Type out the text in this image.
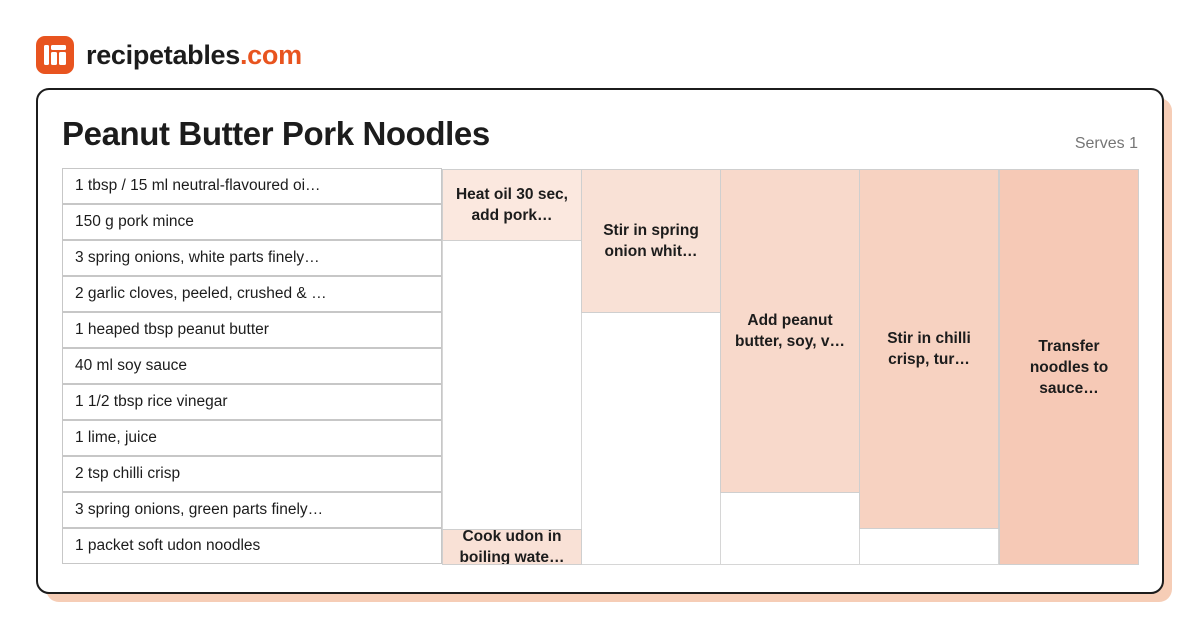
recipetables.com
Peanut Butter Pork Noodles	Serves 1
1 tbsp / 15 ml neutral-flavoured oi…
150 g pork mince
3 spring onions, white parts finely…
2 garlic cloves, peeled, crushed & …
1 heaped tbsp peanut butter
40 ml soy sauce
1 1/2 tbsp rice vinegar
1 lime, juice
2 tsp chilli crisp
3 spring onions, green parts finely…
1 packet soft udon noodles
Heat oil 30 sec, add pork…
Cook udon in boiling wate…
Stir in spring onion whit…
Add peanut butter, soy, v…	Stir in chilli crisp, tur…
Transfer noodles to sauce…
